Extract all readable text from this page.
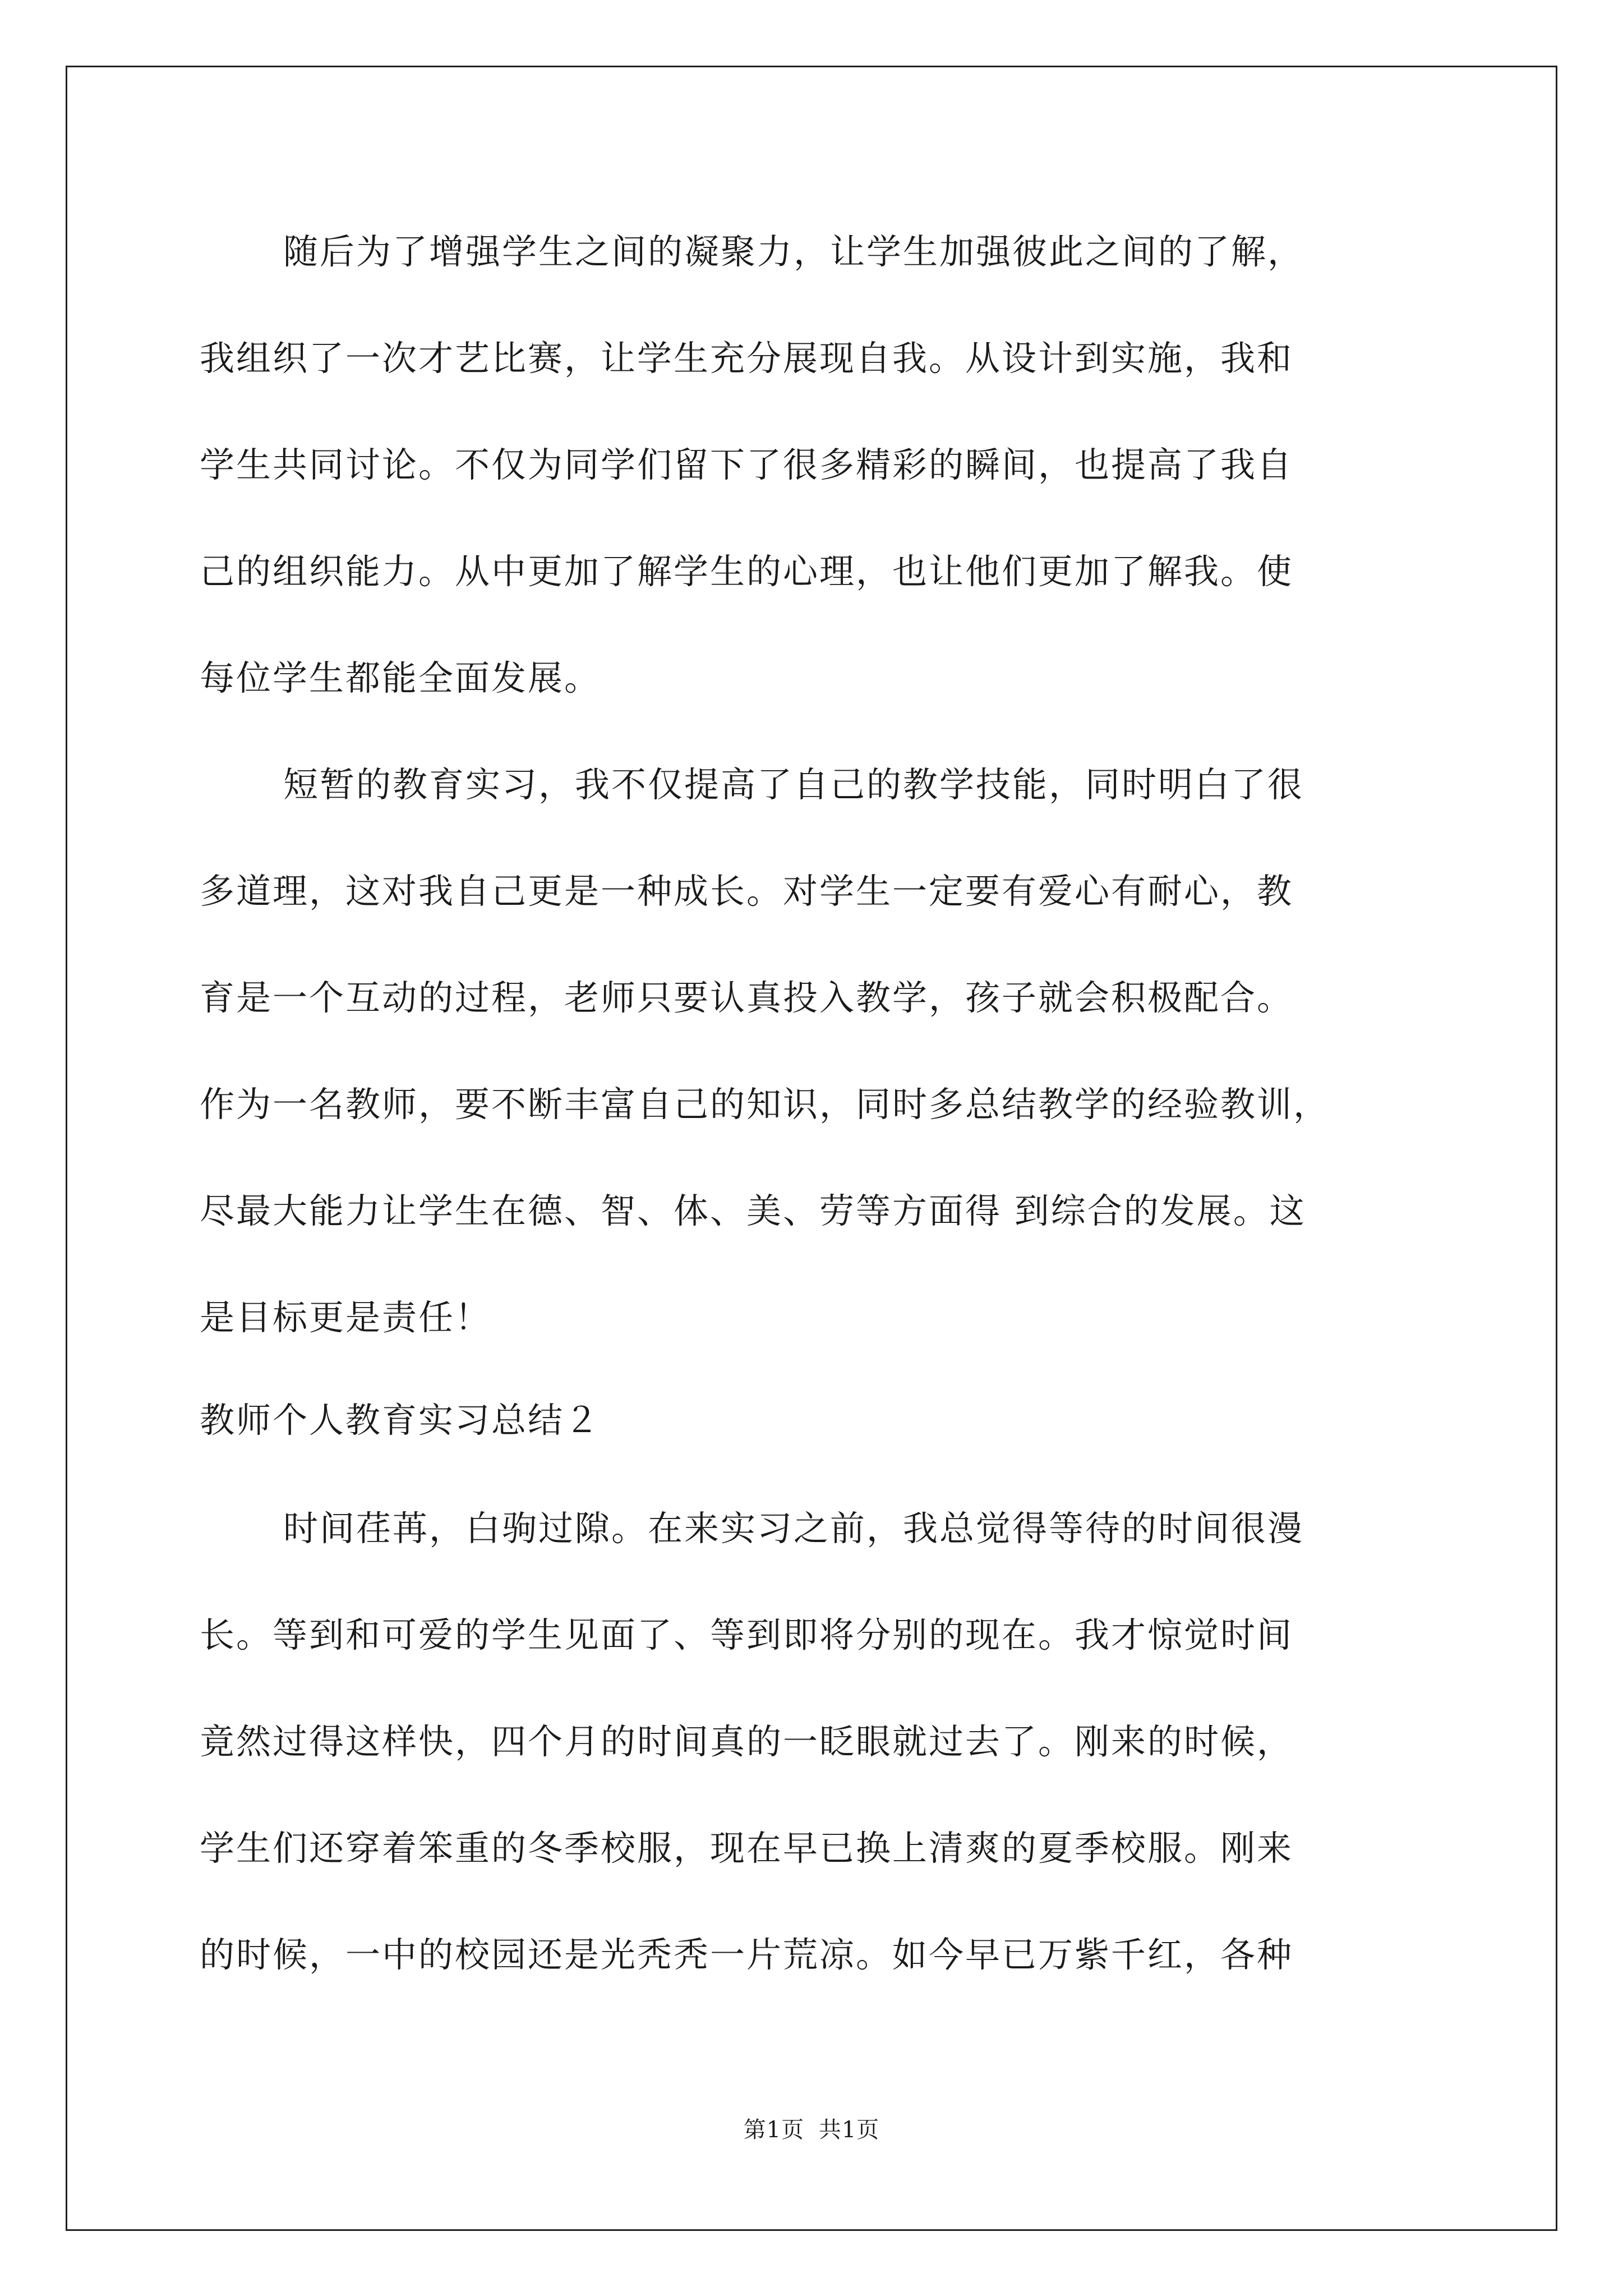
随后为了增强学生之间的凝聚力，让学生加强彼此之间的了解，
我组织了一次才艺比赛，让学生充分展现自我。从设计到实施，我和
学生共同讨论。不仅为同学们留下了很多精彩的瞬间，也提高了我自
己的组织能力。从中更加了解学生的心理，也让他们更加了解我。使
每位学生都能全面发展。
短暂的教育实习，我不仅提高了自己的教学技能，同时明白了很
多道理，这对我自己更是一种成长。对学生一定要有爱心有耐心，教
育是一个互动的过程，老师只要认真投入教学，孩子就会积极配合。
作为一名教师，要不断丰富自己的知识，同时多总结教学的经验教训，
尽最大能力让学生在德、智、体、美、劳等方面得 到综合的发展。这
是目标更是责任！
教师个人教育实习总结２
时间荏苒，白驹过隙。在来实习之前，我总觉得等待的时间很漫
长。等到和可爱的学生见面了、等到即将分别的现在。我才惊觉时间
竟然过得这样快，四个月的时间真的一眨眼就过去了。刚来的时候，
学生们还穿着笨重的冬季校服，现在早已换上清爽的夏季校服。刚来
的时候，一中的校园还是光秃秃一片荒凉。如今早已万紫千红，各种
第1页 共1页
